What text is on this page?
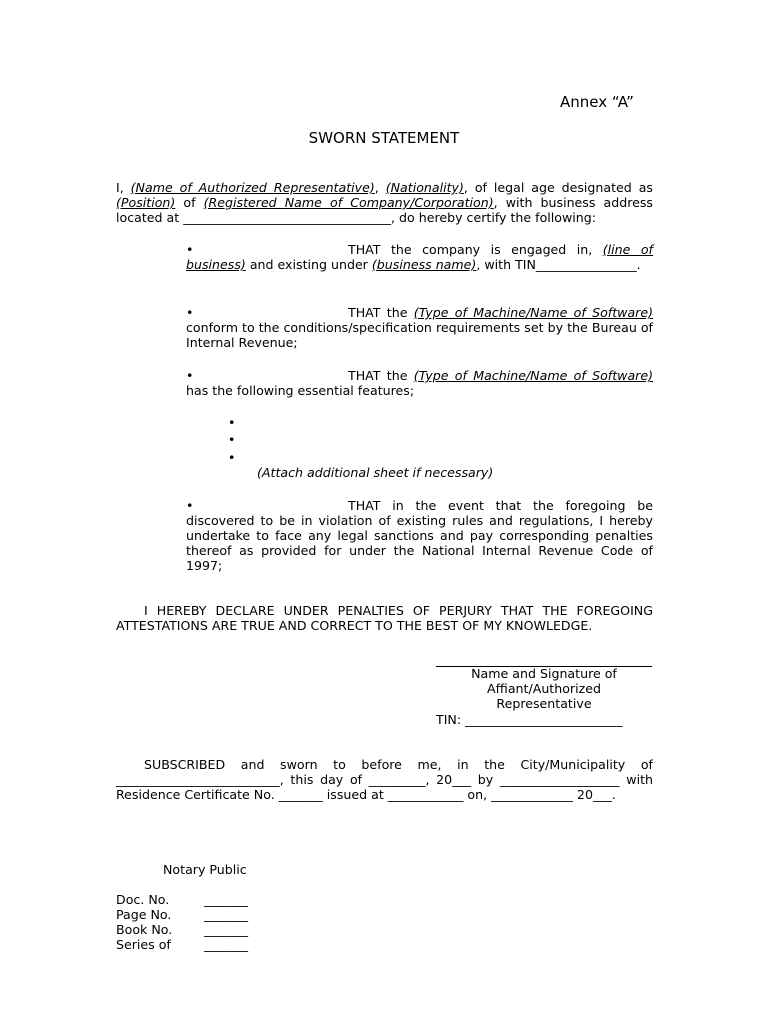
Annex “A”
SWORN STATEMENT
I, (Name of Authorized Representative), (Nationality), of legal age designated as (Position) of (Registered Name of Company/Corporation), with business address located at _________________________________, do hereby certify the following:
•	THAT the company is engaged in, (line of business) and existing under (business name), with TIN________________.
•	THAT the (Type of Machine/Name of Software) conform to the conditions/specification requirements set by the Bureau of Internal Revenue;
•	THAT the (Type of Machine/Name of Software) has the following essential features;
•
•
•
(Attach additional sheet if necessary)
•	THAT in the event that the foregoing be discovered to be in violation of existing rules and regulations, I hereby undertake to face any legal sanctions and pay corresponding penalties thereof as provided for under the National Internal Revenue Code of 1997;
I HEREBY DECLARE UNDER PENALTIES OF PERJURY THAT THE FOREGOING ATTESTATIONS ARE TRUE AND CORRECT TO THE BEST OF MY KNOWLEDGE.
Name and Signature of
Affiant/Authorized
Representative
TIN: _________________________
SUBSCRIBED and sworn to before me, in the City/Municipality of __________________________, this day of _________, 20___ by ___________________ with Residence Certificate No. _______ issued at ____________ on, _____________ 20___.
Notary Public
Doc. No.	_______
Page No.	_______
Book No.	_______
Series of	_______
